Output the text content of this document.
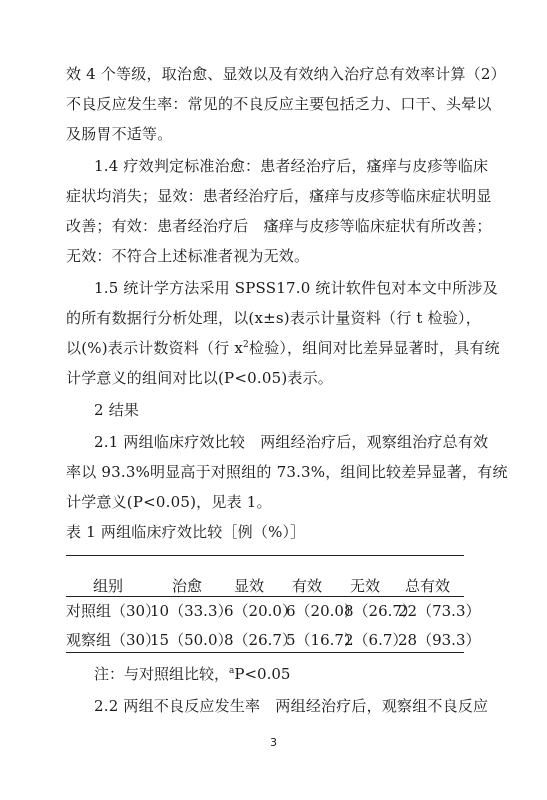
效 4 个等级，取治愈、显效以及有效纳入治疗总有效率计算（2）
不良反应发生率：常见的不良反应主要包括乏力、口干、头晕以
及肠胃不适等。
1.4 疗效判定标准治愈：患者经治疗后，瘙痒与皮疹等临床
症状均消失；显效：患者经治疗后，瘙痒与皮疹等临床症状明显
改善；有效：患者经治疗后　瘙痒与皮疹等临床症状有所改善；
无效：不符合上述标准者视为无效。
1.5 统计学方法采用 SPSS17.0 统计软件包对本文中所涉及
的所有数据行分析处理，以(x±s)表示计量资料（行 t 检验），
以(%)表示计数资料（行 $x^2$检验），组间对比差异显著时，具有统
计学意义的组间对比以(P<0.05)表示。
2 结果
2.1 两组临床疗效比较　两组经治疗后，观察组治疗总有效
率以 93.3%明显高于对照组的 73.3%，组间比较差异显著，有统
计学意义(P<0.05)，见表 1。
表 1 两组临床疗效比较［例（%）］
组别	治愈 显效 有效 无效 总有效
对照组（30）
10（33.3）
6（20.0）
6（20.0）
8（26.7）
22（73.3）
观察组（30）
15（50.0）
8（26.7）
5（16.7）
2（6.7）
28（93.3）
注：与对照组比较，$^a$P<0.05
2.2 两组不良反应发生率　两组经治疗后，观察组不良反应
3
